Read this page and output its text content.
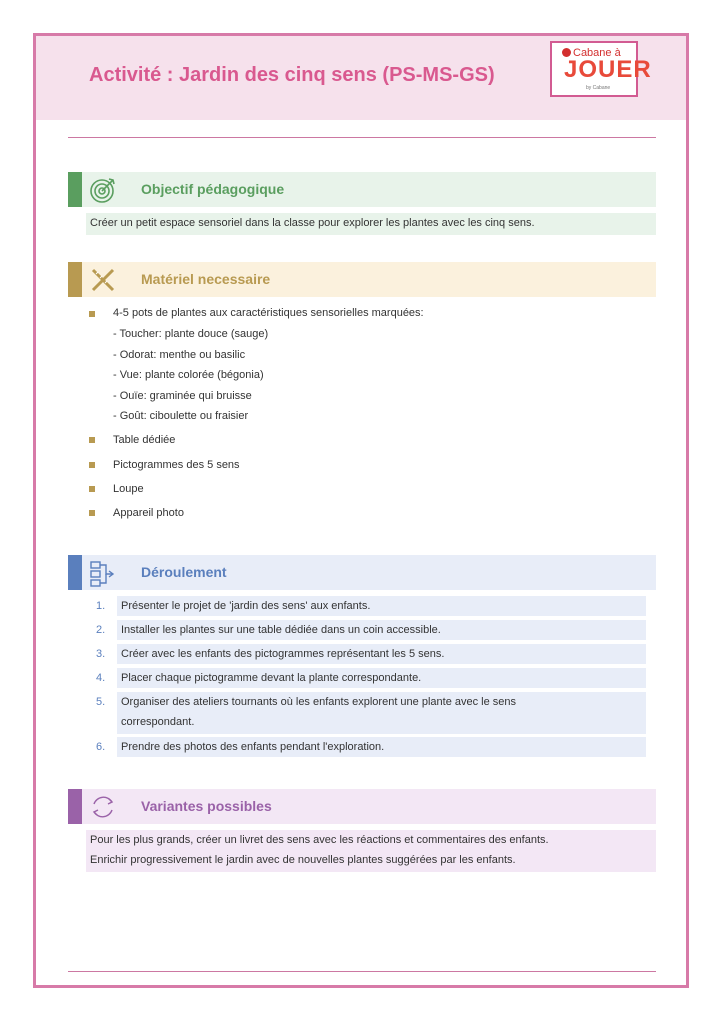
Activité : Jardin des cinq sens (PS-MS-GS)
Cabane à
JOUER
by Cabane
Objectif pédagogique
Créer un petit espace sensoriel dans la classe pour explorer les plantes avec les cinq sens.
Matériel necessaire
4-5 pots de plantes aux caractéristiques sensorielles marquées:
- Toucher: plante douce (sauge)
- Odorat: menthe ou basilic
- Vue: plante colorée (bégonia)
- Ouïe: graminée qui bruisse
- Goût: ciboulette ou fraisier
Table dédiée
Pictogrammes des 5 sens
Loupe
Appareil photo
Déroulement
1. Présenter le projet de 'jardin des sens' aux enfants.
2. Installer les plantes sur une table dédiée dans un coin accessible.
3. Créer avec les enfants des pictogrammes représentant les 5 sens.
4. Placer chaque pictogramme devant la plante correspondante.
5. Organiser des ateliers tournants où les enfants explorent une plante avec le sens
correspondant.
6. Prendre des photos des enfants pendant l'exploration.
Variantes possibles
Pour les plus grands, créer un livret des sens avec les réactions et commentaires des enfants.
Enrichir progressivement le jardin avec de nouvelles plantes suggérées par les enfants.
